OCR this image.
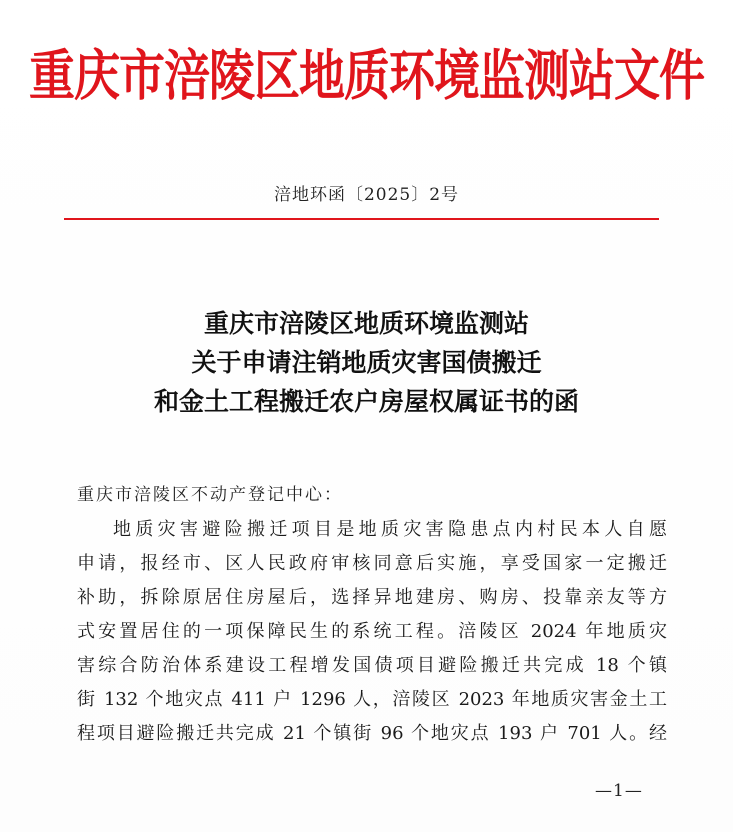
重庆市涪陵区地质环境监测站文件
涪地环函〔2025〕2号
重庆市涪陵区地质环境监测站
关于申请注销地质灾害国债搬迁
和金土工程搬迁农户房屋权属证书的函
重庆市涪陵区不动产登记中心：
地质灾害避险搬迁项目是地质灾害隐患点内村民本人自愿
申请，报经市、区人民政府审核同意后实施，享受国家一定搬迁
补助，拆除原居住房屋后，选择异地建房、购房、投靠亲友等方
式安置居住的一项保障民生的系统工程。涪陵区 2024 年地质灾
害综合防治体系建设工程增发国债项目避险搬迁共完成 18 个镇
街 132 个地灾点 411 户 1296 人，涪陵区 2023 年地质灾害金土工
程项目避险搬迁共完成 21 个镇街 96 个地灾点 193 户 701 人。经
—1—
